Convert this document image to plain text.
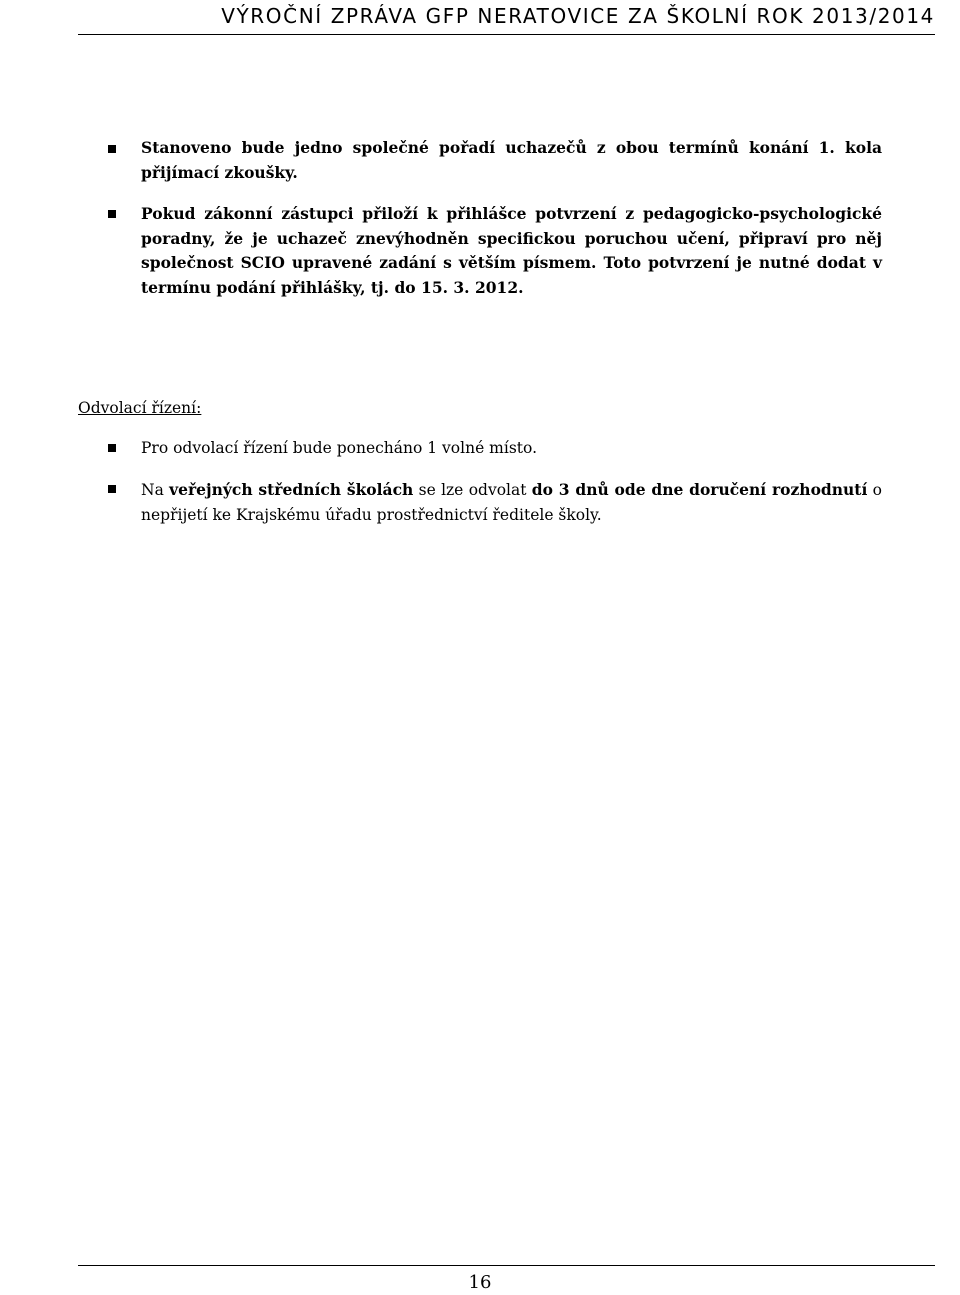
VÝROČNÍ ZPRÁVA GFP NERATOVICE ZA ŠKOLNÍ ROK 2013/2014

Stanoveno bude jedno společné pořadí uchazečů z obou termínů konání 1. kola přijímací zkoušky.

Pokud zákonní zástupci přiloží k přihlášce potvrzení z pedagogicko-psychologické poradny, že je uchazeč znevýhodněn specifickou poruchou učení, připraví pro něj společnost SCIO upravené zadání s větším písmem. Toto potvrzení je nutné dodat v termínu podání přihlášky, tj. do 15. 3. 2012.

Odvolací řízení:

Pro odvolací řízení bude ponecháno 1 volné místo.

Na veřejných středních školách se lze odvolat do 3 dnů ode dne doručení rozhodnutí o nepřijetí ke Krajskému úřadu prostřednictví ředitele školy.

16
